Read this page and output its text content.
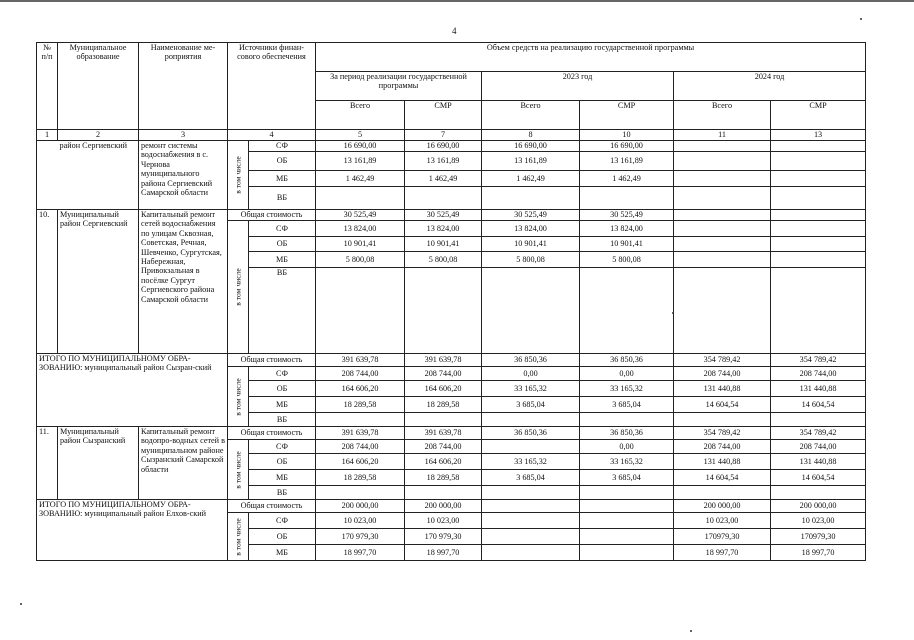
4
№ п/п	Муниципальное образование	Наименование ме-роприятия	Источники финан-сового обеспечения		Объем средств на реализацию государственной программы					
					За период реализации государственной программы		2023 год		2024 год	
					Всего	СМР	Всего	СМР	Всего	СМР
1	2	3	4		5	7	8	10	11	13
	район Сергиевский	ремонт системы водоснабжения в с. Чернова муниципального района Сергиевский Самарской области	в том числе	СФ	16 690,00	16 690,00	16 690,00	16 690,00		
				ОБ	13 161,89	13 161,89	13 161,89	13 161,89		
				МБ	1 462,49	1 462,49	1 462,49	1 462,49		
				ВБ						
10.	Муниципальный район Сергиевский	Капитальный ремонт сетей водоснабжения по улицам Сквозная, Советская, Речная, Шевченко, Сургутская, Набережная, Привокзальная в посёлке Сургут Сергиевского района Самарской области	Общая стоимость		30 525,49	30 525,49	30 525,49	30 525,49		

			в том числе	СФ	13 824,00	13 824,00	13 824,00	13 824,00		
				ОБ	10 901,41	10 901,41	10 901,41	10 901,41		
				МБ	5 800,08	5 800,08	5 800,08	5 800,08		
				ВБ						
ИТОГО ПО МУНИЦИПАЛЬНОМУ ОБРА-ЗОВАНИЮ: муниципальный район Сызран-ский			Общая стоимость		391 639,78	391 639,78	36 850,36	36 850,36	354 789,42	354 789,42

			в том числе	СФ	208 744,00	208 744,00	0,00	0,00	208 744,00	208 744,00
				ОБ	164 606,20	164 606,20	33 165,32	33 165,32	131 440,88	131 440,88
				МБ	18 289,58	18 289,58	3 685,04	3 685,04	14 604,54	14 604,54
				ВБ						
11.	Муниципальный район Сызранский	Капитальный ремонт водопро-водных сетей в муниципальном районе Сызранский Самарской области	Общая стоимость		391 639,78	391 639,78	36 850,36	36 850,36	354 789,42	354 789,42

			в том числе	СФ	208 744,00	208 744,00		0,00	208 744,00	208 744,00
				ОБ	164 606,20	164 606,20	33 165,32	33 165,32	131 440,88	131 440,88
				МБ	18 289,58	18 289,58	3 685,04	3 685,04	14 604,54	14 604,54
				ВБ						
ИТОГО ПО МУНИЦИПАЛЬНОМУ ОБРА-ЗОВАНИЮ: муниципальный район Елхов-ский			Общая стоимость		200 000,00	200 000,00			200 000,00	200 000,00

			в том числе	СФ	10 023,00	10 023,00			10 023,00	10 023,00
				ОБ	170 979,30	170 979,30			170979,30	170979,30
				МБ	18 997,70	18 997,70			18 997,70	18 997,70
